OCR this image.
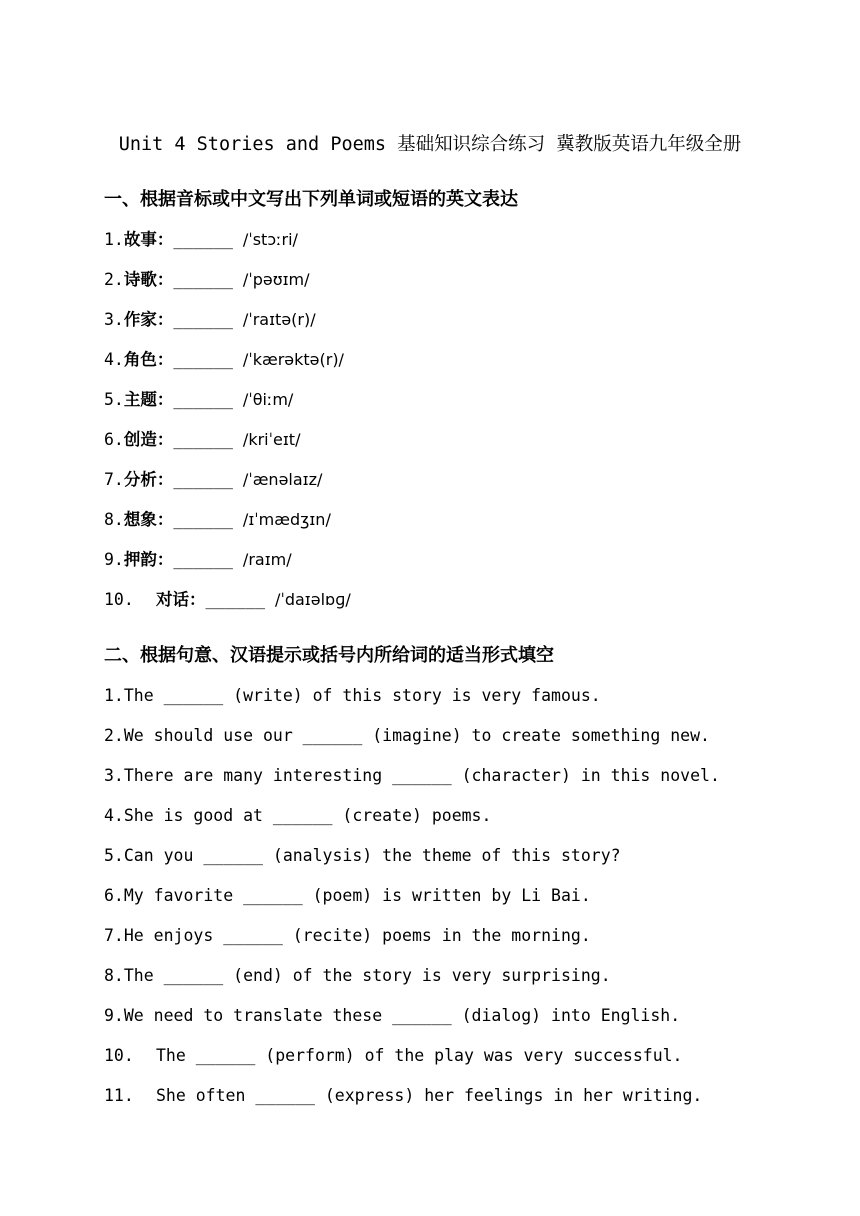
Unit 4 Stories and Poems 基础知识综合练习 冀教版英语九年级全册
一、根据音标或中文写出下列单词或短语的英文表达
1.故事：______ /ˈstɔːri/
2.诗歌：______ /ˈpəʊɪm/
3.作家：______ /ˈraɪtə(r)/
4.角色：______ /ˈkærəktə(r)/
5.主题：______ /ˈθiːm/
6.创造：______ /kriˈeɪt/
7.分析：______ /ˈænəlaɪz/
8.想象：______ /ɪˈmædʒɪn/
9.押韵：______ /raɪm/
10. 对话：______ /ˈdaɪəlɒɡ/
二、根据句意、汉语提示或括号内所给词的适当形式填空
1.The ______ (write) of this story is very famous.
2.We should use our ______ (imagine) to create something new.
3.There are many interesting ______ (character) in this novel.
4.She is good at ______ (create) poems.
5.Can you ______ (analysis) the theme of this story?
6.My favorite ______ (poem) is written by Li Bai.
7.He enjoys ______ (recite) poems in the morning.
8.The ______ (end) of the story is very surprising.
9.We need to translate these ______ (dialog) into English.
10. The ______ (perform) of the play was very successful.
11. She often ______ (express) her feelings in her writing.
